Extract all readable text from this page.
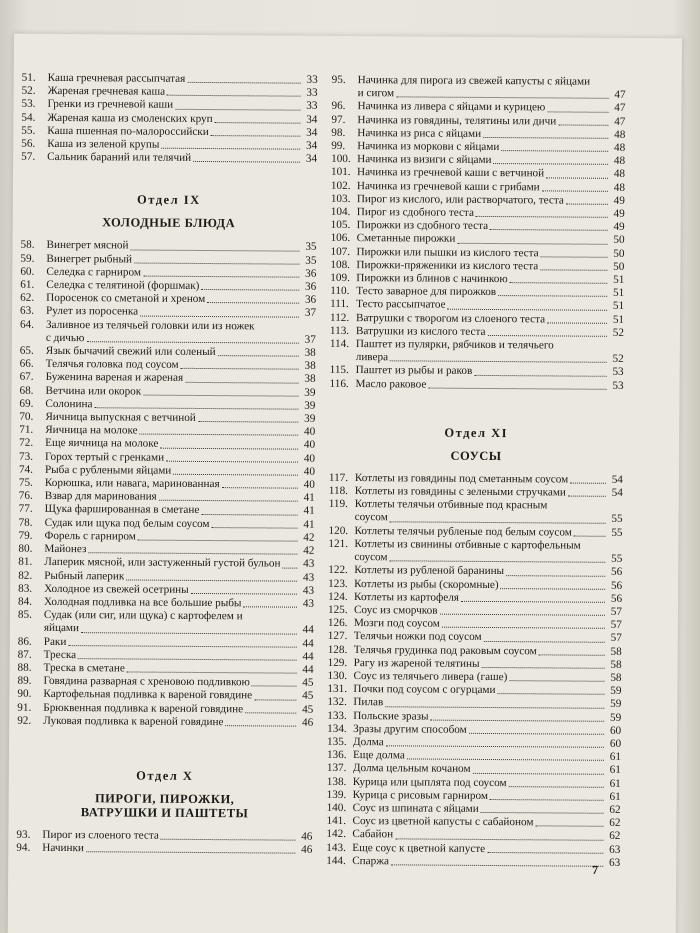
51.	Каша гречневая рассыпчатая	33
52.	Жареная гречневая каша	33
53.	Гренки из гречневой каши	33
54.	Жареная каша из смоленских круп	34
55.	Каша пшенная по-малороссийски	34
56.	Каша из зеленой крупы	34
57.	Сальник бараний или телячий	34
Отдел IX
ХОЛОДНЫЕ БЛЮДА
58.	Винегрет мясной	35
59.	Винегрет рыбный	35
60.	Селедка с гарниром	36
61.	Селедка с телятиной (форшмак)	36
62.	Поросенок со сметаной и хреном	36
63.	Рулет из поросенка	37
64.	Заливное из телячьей головки или из ножек
с дичью	37
65.	Язык бычачий свежий или соленый	38
66.	Телячья головка под соусом	38
67.	Буженина вареная и жареная	38
68.	Ветчина или окорок	39
69.	Солонина	39
70.	Яичница выпускная с ветчиной	39
71.	Яичница на молоке	40
72.	Еще яичница на молоке	40
73.	Горох тертый с гренками	40
74.	Рыба с рублеными яйцами	40
75.	Корюшка, или навага, маринованная	40
76.	Взвар для маринования	41
77.	Щука фаршированная в сметане	41
78.	Судак или щука под белым соусом	41
79.	Форель с гарниром	42
80.	Майонез	42
81.	Лаперик мясной, или застуженный густой бульон 43
82.	Рыбный лаперик	43
83.	Холодное из свежей осетрины	43
84.	Холодная подливка на все большие рыбы	43
85.	Судак (или сиг, или щука) с картофелем и
яйцами	44
86.	Раки	44
87.	Треска	44
88.	Треска в сметане	44
89.	Говядина разварная с хреновою подливкою	45
90.	Картофельная подливка к вареной говядине	45
91.	Брюквенная подливка к вареной говядине	45
92.	Луковая подливка к вареной говядине	46
Отдел X
ПИРОГИ, ПИРОЖКИ,
ВАТРУШКИ И ПАШТЕТЫ
93.	Пирог из слоеного теста	46
94.	Начинки	46
95.	Начинка для пирога из свежей капусты с яйцами
и сигом	47
96.	Начинка из ливера с яйцами и курицею	47
97.	Начинка из говядины, телятины или дичи	47
98.	Начинка из риса с яйцами	48
99.	Начинка из моркови с яйцами	48
100. Начинка из визиги с яйцами	48
101. Начинка из гречневой каши с ветчиной	48
102. Начинка из гречневой каши с грибами	48
103. Пирог из кислого, или растворчатого, теста	49
104. Пирог из сдобного теста	49
105. Пирожки из сдобного теста	49
106. Сметанные пирожки	50
107. Пирожки или пышки из кислого теста	50
108. Пирожки-пряженики из кислого теста	50
109. Пирожки из блинов с начинкою	51
110. Тесто заварное для пирожков	51
111. Тесто рассыпчатое	51
112. Ватрушки с творогом из слоеного теста	51
113. Ватрушки из кислого теста	52
114. Паштет из пулярки, рябчиков и телячьего
ливера	52
115. Паштет из рыбы и раков	53
116. Масло раковое	53
Отдел XI
СОУСЫ
117. Котлеты из говядины под сметанным соусом	54
118. Котлеты из говядины с зелеными стручками	54
119. Котлеты телячьи отбивные под красным
соусом	55
120. Котлеты телячьи рубленые под белым соусом	55
121. Котлеты из свинины отбивные с картофельным
соусом	55
122. Котлеты из рубленой баранины	56
123. Котлеты из рыбы (скоромные)	56
124. Котлеты из картофеля	56
125. Соус из сморчков	57
126. Мозги под соусом	57
127. Телячьи ножки под соусом	57
128. Телячья грудинка под раковым соусом	58
129. Рагу из жареной телятины	58
130. Соус из телячьего ливера (гаше)	58
131. Почки под соусом с огурцами	59
132. Пилав	59
133. Польские зразы	59
134. Зразы другим способом	60
135. Долма	60
136. Еще долма	61
137. Долма цельным кочаном	61
138. Курица или цыплята под соусом	61
139. Курица с рисовым гарниром	61
140. Соус из шпината с яйцами	62
141. Соус из цветной капусты с сабайоном	62
142. Сабайон	62
143. Еще соус к цветной капусте	63
144. Спаржа	63
7
